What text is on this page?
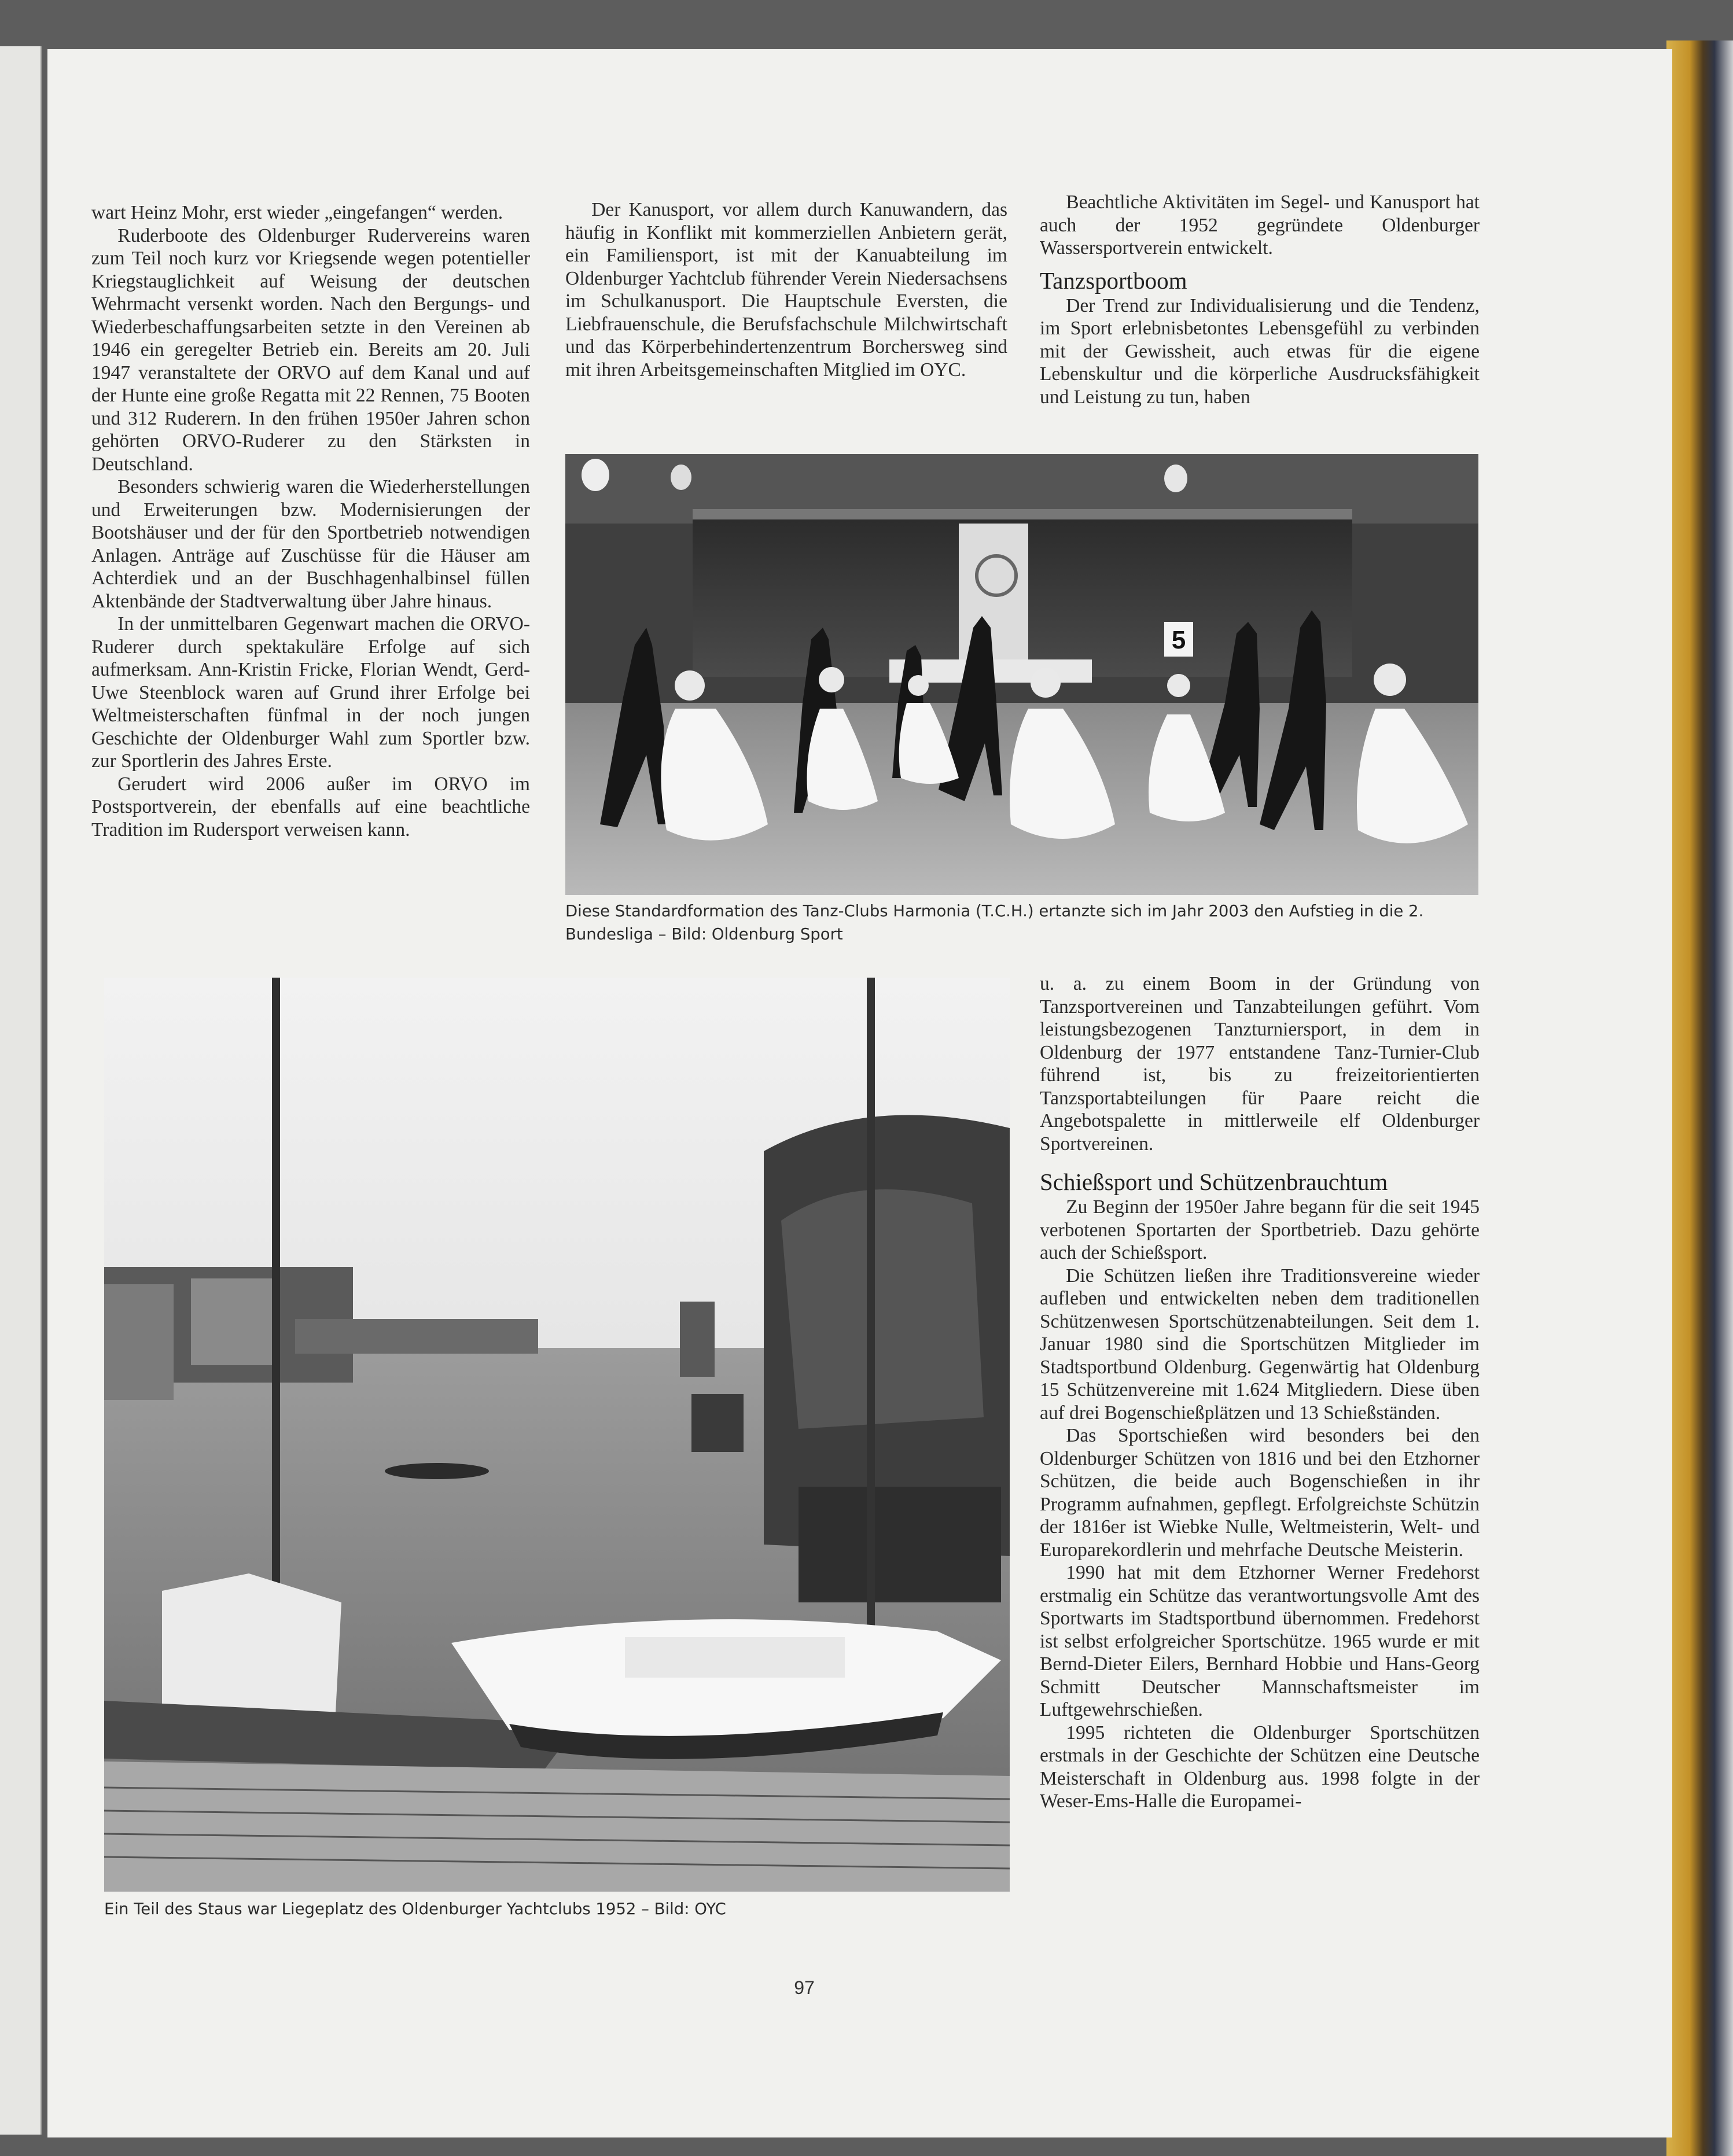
wart Heinz Mohr, erst wieder „eingefangen“ werden.

Ruderboote des Oldenburger Rudervereins waren zum Teil noch kurz vor Kriegsende wegen potentieller Kriegstauglichkeit auf Weisung der deutschen Wehrmacht versenkt worden. Nach den Bergungs- und Wiederbeschaffungsarbeiten setzte in den Vereinen ab 1946 ein geregelter Betrieb ein. Bereits am 20. Juli 1947 veranstaltete der ORVO auf dem Kanal und auf der Hunte eine große Regatta mit 22 Rennen, 75 Booten und 312 Ruderern. In den frühen 1950er Jahren schon gehörten ORVO-Ruderer zu den Stärksten in Deutschland.

Besonders schwierig waren die Wiederherstellungen und Erweiterungen bzw. Modernisierungen der Bootshäuser und der für den Sportbetrieb notwendigen Anlagen. Anträge auf Zuschüsse für die Häuser am Achterdiek und an der Buschhagenhalbinsel füllen Aktenbände der Stadtverwaltung über Jahre hinaus.

In der unmittelbaren Gegenwart machen die ORVO-Ruderer durch spektakuläre Erfolge auf sich aufmerksam. Ann-Kristin Fricke, Florian Wendt, Gerd-Uwe Steenblock waren auf Grund ihrer Erfolge bei Weltmeisterschaften fünfmal in der noch jungen Geschichte der Oldenburger Wahl zum Sportler bzw. zur Sportlerin des Jahres Erste.

Gerudert wird 2006 außer im ORVO im Postsportverein, der ebenfalls auf eine beachtliche Tradition im Rudersport verweisen kann.

Der Kanusport, vor allem durch Kanuwandern, das häufig in Konflikt mit kommerziellen Anbietern gerät, ein Familiensport, ist mit der Kanuabteilung im Oldenburger Yachtclub führender Verein Niedersachsens im Schulkanusport. Die Hauptschule Eversten, die Liebfrauenschule, die Berufsfachschule Milchwirtschaft und das Körperbehindertenzentrum Borchersweg sind mit ihren Arbeitsgemeinschaften Mitglied im OYC.

Beachtliche Aktivitäten im Segel- und Kanusport hat auch der 1952 gegründete Oldenburger Wassersportverein entwickelt.

Tanzsportboom

Der Trend zur Individualisierung und die Tendenz, im Sport erlebnisbetontes Lebensgefühl zu verbinden mit der Gewissheit, auch etwas für die eigene Lebenskultur und die körperliche Ausdrucksfähigkeit und Leistung zu tun, haben

5
Diese Standardformation des Tanz-Clubs Harmonia (T.C.H.) ertanzte sich im Jahr 2003 den Aufstieg in die 2. Bundesliga – Bild: Oldenburg Sport
Ein Teil des Staus war Liegeplatz des Oldenburger Yachtclubs 1952 – Bild: OYC

u. a. zu einem Boom in der Gründung von Tanzsportvereinen und Tanzabteilungen geführt. Vom leistungsbezogenen Tanzturniersport, in dem in Oldenburg der 1977 entstandene Tanz-Turnier-Club führend ist, bis zu freizeitorientierten Tanzsportabteilungen für Paare reicht die Angebotspalette in mittlerweile elf Oldenburger Sportvereinen.

Schießsport und Schützenbrauchtum

Zu Beginn der 1950er Jahre begann für die seit 1945 verbotenen Sportarten der Sportbetrieb. Dazu gehörte auch der Schießsport.

Die Schützen ließen ihre Traditionsvereine wieder aufleben und entwickelten neben dem traditionellen Schützenwesen Sportschützenabteilungen. Seit dem 1. Januar 1980 sind die Sportschützen Mitglieder im Stadtsportbund Oldenburg. Gegenwärtig hat Oldenburg 15 Schützenvereine mit 1.624 Mitgliedern. Diese üben auf drei Bogenschießplätzen und 13 Schießständen.

Das Sportschießen wird besonders bei den Oldenburger Schützen von 1816 und bei den Etzhorner Schützen, die beide auch Bogenschießen in ihr Programm aufnahmen, gepflegt. Erfolgreichste Schützin der 1816er ist Wiebke Nulle, Weltmeisterin, Welt- und Europarekordlerin und mehrfache Deutsche Meisterin.

1990 hat mit dem Etzhorner Werner Fredehorst erstmalig ein Schütze das verantwortungsvolle Amt des Sportwarts im Stadtsportbund übernommen. Fredehorst ist selbst erfolgreicher Sportschütze. 1965 wurde er mit Bernd-Dieter Eilers, Bernhard Hobbie und Hans-Georg Schmitt Deutscher Mannschaftsmeister im Luftgewehrschießen.

1995 richteten die Oldenburger Sportschützen erstmals in der Geschichte der Schützen eine Deutsche Meisterschaft in Oldenburg aus. 1998 folgte in der Weser-Ems-Halle die Europamei-

97
